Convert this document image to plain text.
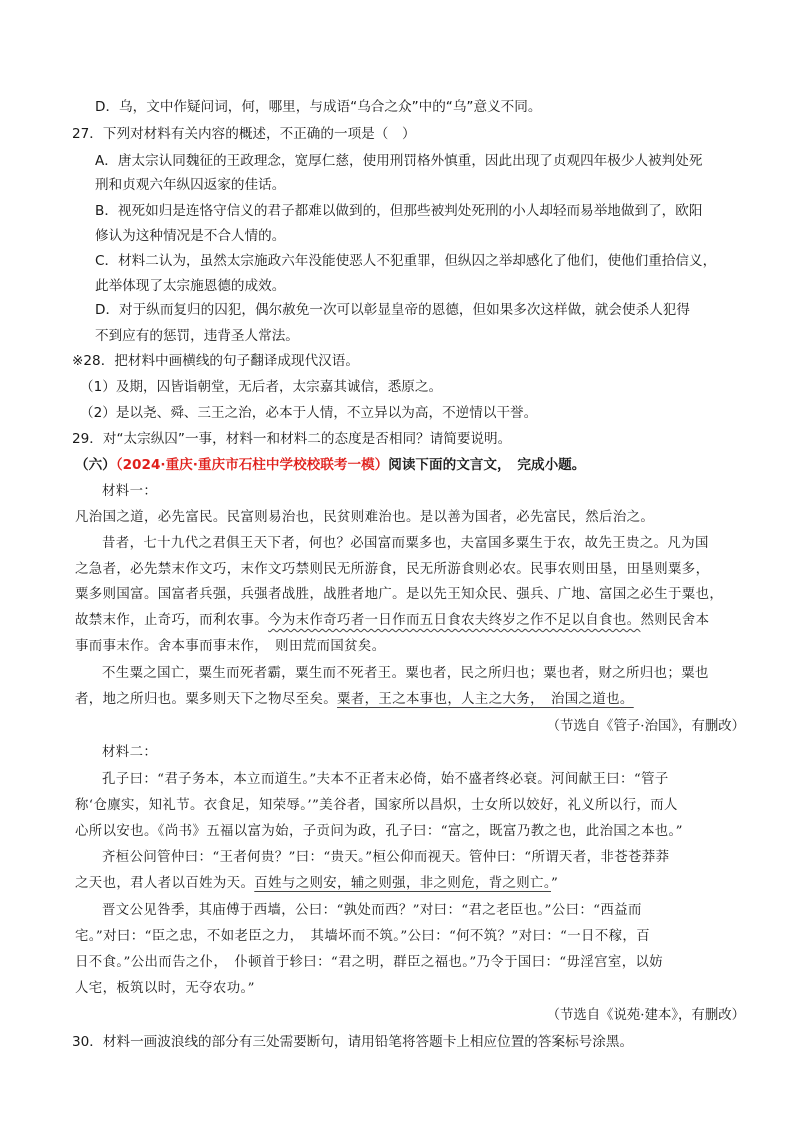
D．乌，文中作疑问词，何，哪里，与成语“乌合之众”中的“乌”意义不同。
27．下列对材料有关内容的概述，不正确的一项是（　）
A．唐太宗认同魏征的王政理念，宽厚仁慈，使用刑罚格外慎重，因此出现了贞观四年极少人被判处死
刑和贞观六年纵囚返家的佳话。
B．视死如归是连恪守信义的君子都难以做到的，但那些被判处死刑的小人却轻而易举地做到了，欧阳
修认为这种情况是不合人情的。
C．材料二认为，虽然太宗施政六年没能使恶人不犯重罪，但纵囚之举却感化了他们，使他们重拾信义，
此举体现了太宗施恩德的成效。
D．对于纵而复归的囚犯，偶尔赦免一次可以彰显皇帝的恩德，但如果多次这样做，就会使杀人犯得
不到应有的惩罚，违背圣人常法。
※28．把材料中画横线的句子翻译成现代汉语。
（1）及期，囚皆诣朝堂，无后者，太宗嘉其诚信，悉原之。
（2）是以尧、舜、三王之治，必本于人情，不立异以为高，不逆情以干誉。
29．对“太宗纵囚”一事，材料一和材料二的态度是否相同？请简要说明。
（六）（2024·重庆·重庆市石柱中学校校联考一模）阅读下面的文言文，　完成小题。
材料一：
凡治国之道，必先富民。民富则易治也，民贫则难治也。是以善为国者，必先富民，然后治之。
昔者，七十九代之君俱王天下者，何也？必国富而粟多也，夫富国多粟生于农，故先王贵之。凡为国
之急者，必先禁末作文巧，末作文巧禁则民无所游食，民无所游食则必农。民事农则田垦，田垦则粟多，
粟多则国富。国富者兵强，兵强者战胜，战胜者地广。是以先王知众民、强兵、广地、富国之必生于粟也，
故禁末作，止奇巧，而利农事。今为末作奇巧者一日作而五日食农夫终岁之作不足以自食也。然则民舍本
事而事末作。舍本事而事末作，　则田荒而国贫矣。
不生粟之国亡，粟生而死者霸，粟生而不死者王。粟也者，民之所归也；粟也者，财之所归也；粟也
者，地之所归也。粟多则天下之物尽至矣。粟者，王之本事也，人主之大务，　治国之道也。
（节选自《管子·治国》，有删改）
材料二：
孔子曰：“君子务本，本立而道生。”夫本不正者末必倚，始不盛者终必衰。河间献王曰：“管子
称‘仓廪实，知礼节。衣食足，知荣辱。’”美谷者，国家所以昌炽，士女所以姣好，礼义所以行，而人
心所以安也。《尚书》五福以富为始，子贡问为政，孔子曰：“富之，既富乃教之也，此治国之本也。”
齐桓公问管仲曰：“王者何贵？”曰：“贵天。”桓公仰而视天。管仲曰：“所谓天者，非苍苍莽莽
之天也，君人者以百姓为天。百姓与之则安，辅之则强，非之则危，背之则亡。”
晋文公见咎季，其庙傅于西墙，公曰：“孰处而西？”对曰：“君之老臣也。”公曰：“西益而
宅。”对曰：“臣之忠，不如老臣之力，　其墙坏而不筑。”公曰：“何不筑？”对曰：“一日不稼，百
日不食。”公出而告之仆，　仆顿首于轸曰：“君之明，群臣之福也。”乃令于国曰：“毋淫宫室，以妨
人宅，板筑以时，无夺农功。”
（节选自《说苑·建本》，有删改）
30．材料一画波浪线的部分有三处需要断句，请用铅笔将答题卡上相应位置的答案标号涂黑。
